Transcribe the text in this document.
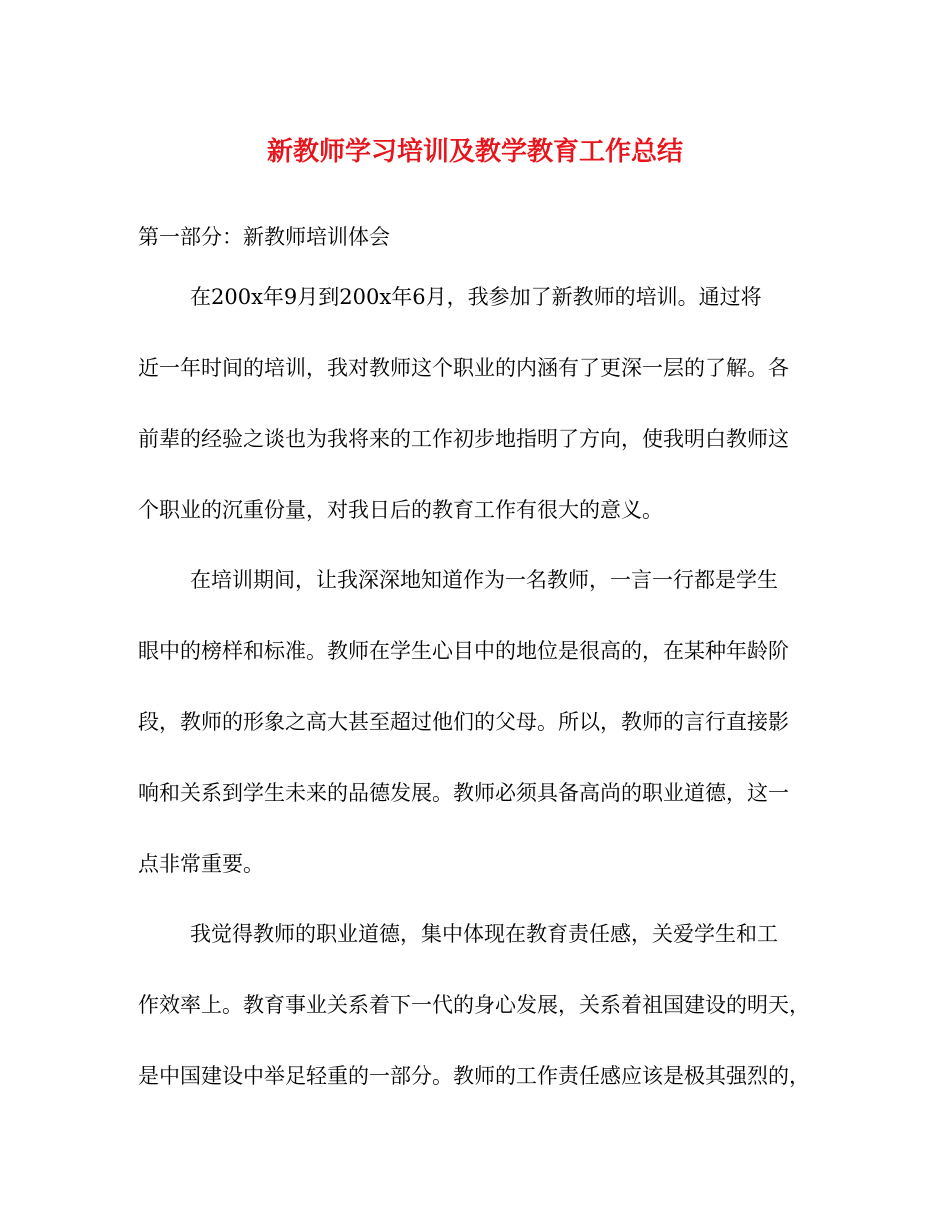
新教师学习培训及教学教育工作总结
第一部分：新教师培训体会
在200x年9月到200x年6月，我参加了新教师的培训。通过将
近一年时间的培训，我对教师这个职业的内涵有了更深一层的了解。各
前辈的经验之谈也为我将来的工作初步地指明了方向，使我明白教师这
个职业的沉重份量，对我日后的教育工作有很大的意义。
在培训期间，让我深深地知道作为一名教师，一言一行都是学生
眼中的榜样和标准。教师在学生心目中的地位是很高的，在某种年龄阶
段，教师的形象之高大甚至超过他们的父母。所以，教师的言行直接影
响和关系到学生未来的品德发展。教师必须具备高尚的职业道德，这一
点非常重要。
我觉得教师的职业道德，集中体现在教育责任感，关爱学生和工
作效率上。教育事业关系着下一代的身心发展，关系着祖国建设的明天，
是中国建设中举足轻重的一部分。教师的工作责任感应该是极其强烈的，
